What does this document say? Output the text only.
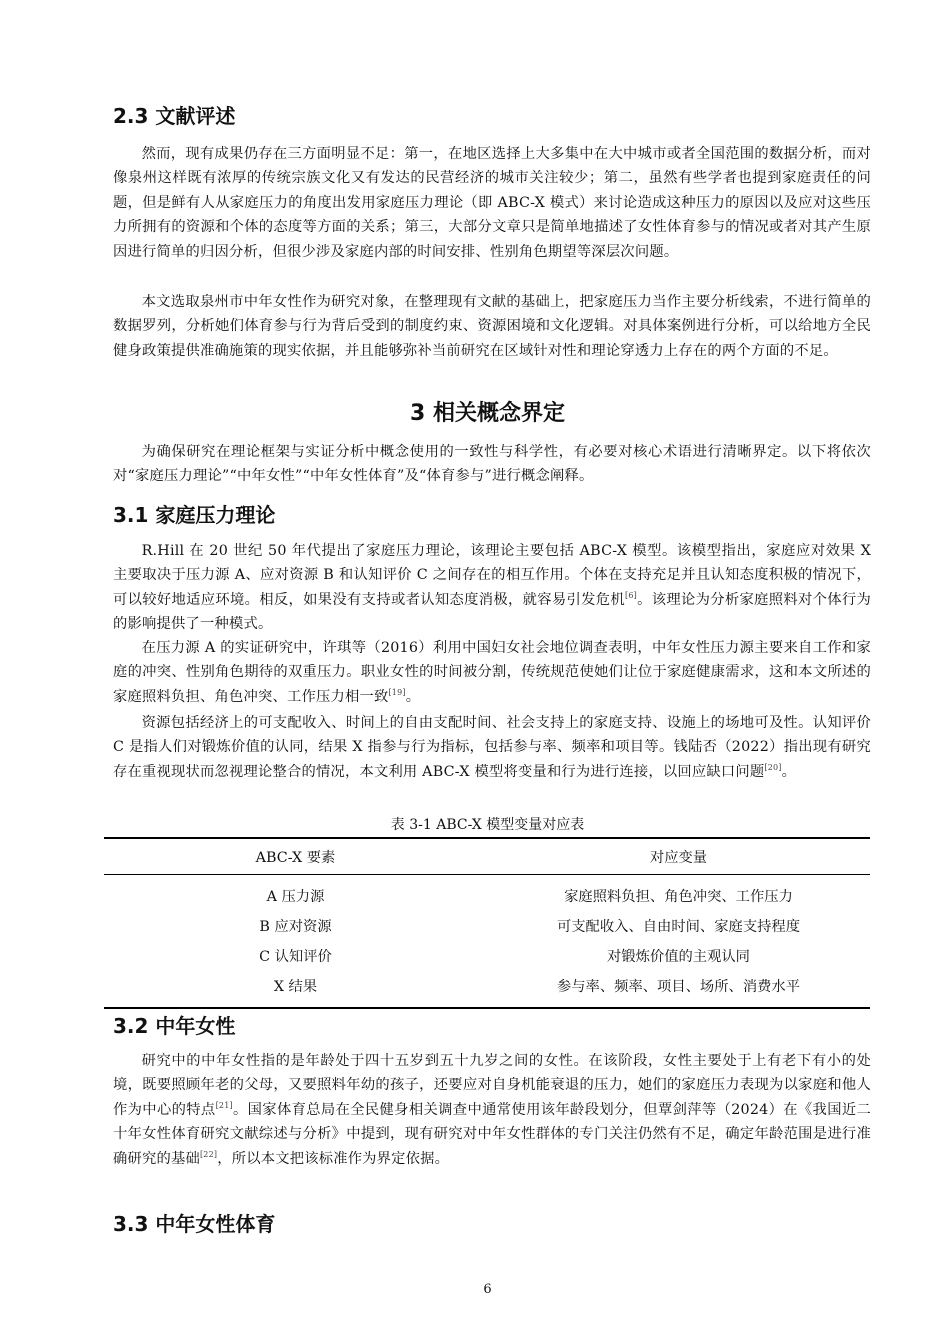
2.3 文献评述

然而，现有成果仍存在三方面明显不足：第一，在地区选择上大多集中在大中城市或者全国范围的数据分析，而对像泉州这样既有浓厚的传统宗族文化又有发达的民营经济的城市关注较少；第二，虽然有些学者也提到家庭责任的问题，但是鲜有人从家庭压力的角度出发用家庭压力理论（即 ABC-X 模式）来讨论造成这种压力的原因以及应对这些压力所拥有的资源和个体的态度等方面的关系；第三，大部分文章只是简单地描述了女性体育参与的情况或者对其产生原因进行简单的归因分析，但很少涉及家庭内部的时间安排、性别角色期望等深层次问题。

本文选取泉州市中年女性作为研究对象，在整理现有文献的基础上，把家庭压力当作主要分析线索，不进行简单的数据罗列，分析她们体育参与行为背后受到的制度约束、资源困境和文化逻辑。对具体案例进行分析，可以给地方全民健身政策提供准确施策的现实依据，并且能够弥补当前研究在区域针对性和理论穿透力上存在的两个方面的不足。

3 相关概念界定

为确保研究在理论框架与实证分析中概念使用的一致性与科学性，有必要对核心术语进行清晰界定。以下将依次对“家庭压力理论”“中年女性”“中年女性体育”及“体育参与”进行概念阐释。

3.1 家庭压力理论

R.Hill 在 20 世纪 50 年代提出了家庭压力理论，该理论主要包括 ABC-X 模型。该模型指出，家庭应对效果 X 主要取决于压力源 A、应对资源 B 和认知评价 C 之间存在的相互作用。个体在支持充足并且认知态度积极的情况下，可以较好地适应环境。相反，如果没有支持或者认知态度消极，就容易引发危机[6]。该理论为分析家庭照料对个体行为的影响提供了一种模式。

在压力源 A 的实证研究中，许琪等（2016）利用中国妇女社会地位调查表明，中年女性压力源主要来自工作和家庭的冲突、性别角色期待的双重压力。职业女性的时间被分割，传统规范使她们让位于家庭健康需求，这和本文所述的家庭照料负担、角色冲突、工作压力相一致[19]。

资源包括经济上的可支配收入、时间上的自由支配时间、社会支持上的家庭支持、设施上的场地可及性。认知评价 C 是指人们对锻炼价值的认同，结果 X 指参与行为指标，包括参与率、频率和项目等。钱陆否（2022）指出现有研究存在重视现状而忽视理论整合的情况，本文利用 ABC-X 模型将变量和行为进行连接，以回应缺口问题[20]。

表 3-1 ABC-X 模型变量对应表

ABC-X 要素	对应变量
A 压力源	家庭照料负担、角色冲突、工作压力
B 应对资源	可支配收入、自由时间、家庭支持程度
C 认知评价	对锻炼价值的主观认同
X 结果	参与率、频率、项目、场所、消费水平
3.2 中年女性

研究中的中年女性指的是年龄处于四十五岁到五十九岁之间的女性。在该阶段，女性主要处于上有老下有小的处境，既要照顾年老的父母，又要照料年幼的孩子，还要应对自身机能衰退的压力，她们的家庭压力表现为以家庭和他人作为中心的特点[21]。国家体育总局在全民健身相关调查中通常使用该年龄段划分，但覃剑萍等（2024）在《我国近二十年女性体育研究文献综述与分析》中提到，现有研究对中年女性群体的专门关注仍然有不足，确定年龄范围是进行准确研究的基础[22]，所以本文把该标准作为界定依据。

3.3 中年女性体育

6
